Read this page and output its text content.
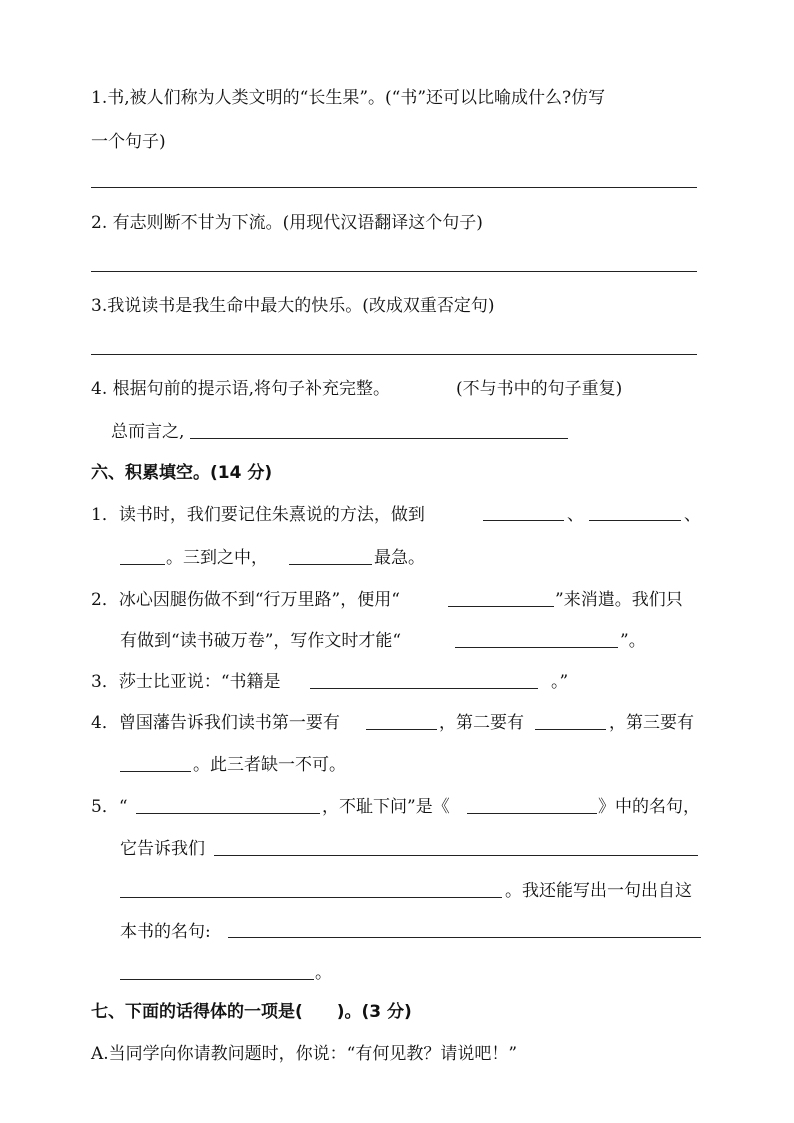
1.书,被人们称为人类文明的“长生果”。(“书”还可以比喻成什么?仿写
一个句子)
2. 有志则断不甘为下流。(用现代汉语翻译这个句子)
3.我说读书是我生命中最大的快乐。(改成双重否定句)
4. 根据句前的提示语,将句子补充完整。	(不与书中的句子重复)
总而言之,
六、积累填空。(14 分)
1．读书时，我们要记住朱熹说的方法，做到	、	、
。三到之中，	最急。
2．冰心因腿伤做不到“行万里路”，便用“	”来消遣。我们只
有做到“读书破万卷”，写作文时才能“	”。
3．莎士比亚说：“书籍是	。”
4．曾国藩告诉我们读书第一要有	，第二要有	，第三要有
。此三者缺一不可。
5．“	，不耻下问”是《	》中的名句，
它告诉我们
。我还能写出一句出自这
本书的名句:
。
七、下面的话得体的一项是(　　)。(3 分)
A.当同学向你请教问题时，你说：“有何见教？请说吧！”
